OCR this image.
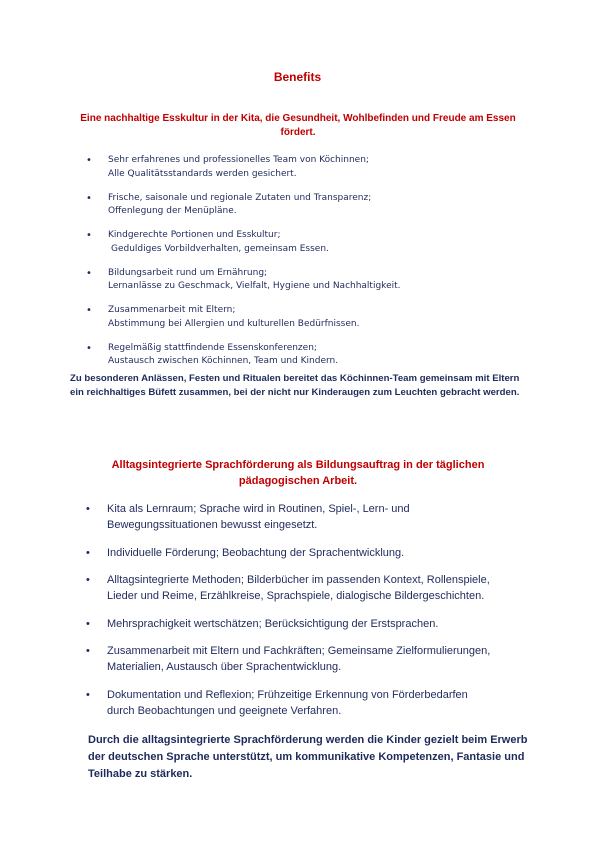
Benefits

Eine nachhaltige Esskultur in der Kita, die Gesundheit, Wohlbefinden und Freude am Essen fördert.

• Sehr erfahrenes und professionelles Team von Köchinnen;
Alle Qualitätsstandards werden gesichert.
• Frische, saisonale und regionale Zutaten und Transparenz;
Offenlegung der Menüpläne.
• Kindgerechte Portionen und Esskultur;
Geduldiges Vorbildverhalten, gemeinsam Essen.
• Bildungsarbeit rund um Ernährung;
Lernanlässe zu Geschmack, Vielfalt, Hygiene und Nachhaltigkeit.
• Zusammenarbeit mit Eltern;
Abstimmung bei Allergien und kulturellen Bedürfnissen.
• Regelmäßig stattfindende Essenskonferenzen;
Austausch zwischen Köchinnen, Team und Kindern.

Zu besonderen Anlässen, Festen und Ritualen bereitet das Köchinnen-Team gemeinsam mit Eltern ein reichhaltiges Büfett zusammen, bei der nicht nur Kinderaugen zum Leuchten gebracht werden.

Alltagsintegrierte Sprachförderung als Bildungsauftrag in der täglichen pädagogischen Arbeit.

• Kita als Lernraum; Sprache wird in Routinen, Spiel-, Lern- und
Bewegungssituationen bewusst eingesetzt.
• Individuelle Förderung; Beobachtung der Sprachentwicklung.
• Alltagsintegrierte Methoden; Bilderbücher im passenden Kontext, Rollenspiele,
Lieder und Reime, Erzählkreise, Sprachspiele, dialogische Bildergeschichten.
• Mehrsprachigkeit wertschätzen; Berücksichtigung der Erstsprachen.
• Zusammenarbeit mit Eltern und Fachkräften; Gemeinsame Zielformulierungen,
Materialien, Austausch über Sprachentwicklung.
• Dokumentation und Reflexion; Frühzeitige Erkennung von Förderbedarfen
durch Beobachtungen und geeignete Verfahren.

Durch die alltagsintegrierte Sprachförderung werden die Kinder gezielt beim Erwerb der deutschen Sprache unterstützt, um kommunikative Kompetenzen, Fantasie und Teilhabe zu stärken.
